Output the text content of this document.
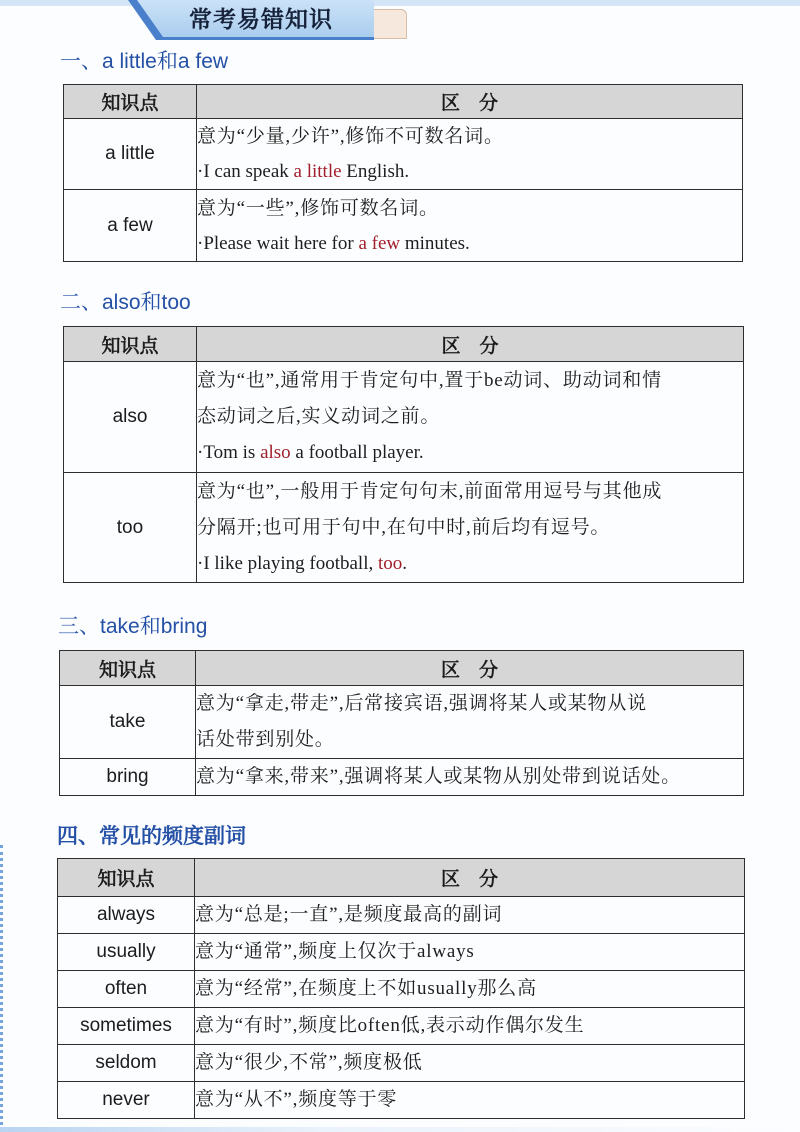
常考易错知识
一、a little和a few
知识点	区　分
a little	意为“少量,少许”,修饰不可数名词。
·I can speak a little English.

a few	意为“一些”,修饰可数名词。
·Please wait here for a few minutes.
二、also和too
知识点	区　分
also	意为“也”,通常用于肯定句中,置于be动词、助动词和情
态动词之后,实义动词之前。
·Tom is also a football player.

too	意为“也”,一般用于肯定句句末,前面常用逗号与其他成
分隔开;也可用于句中,在句中时,前后均有逗号。
·I like playing football, too.
三、take和bring
知识点	区　分
take	意为“拿走,带走”,后常接宾语,强调将某人或某物从说
话处带到别处。

bring	意为“拿来,带来”,强调将某人或某物从别处带到说话处。
四、常见的频度副词
知识点	区　分
always	意为“总是;一直”,是频度最高的副词

usually	意为“通常”,频度上仅次于always

often	意为“经常”,在频度上不如usually那么高

sometimes	意为“有时”,频度比often低,表示动作偶尔发生

seldom	意为“很少,不常”,频度极低

never	意为“从不”,频度等于零
